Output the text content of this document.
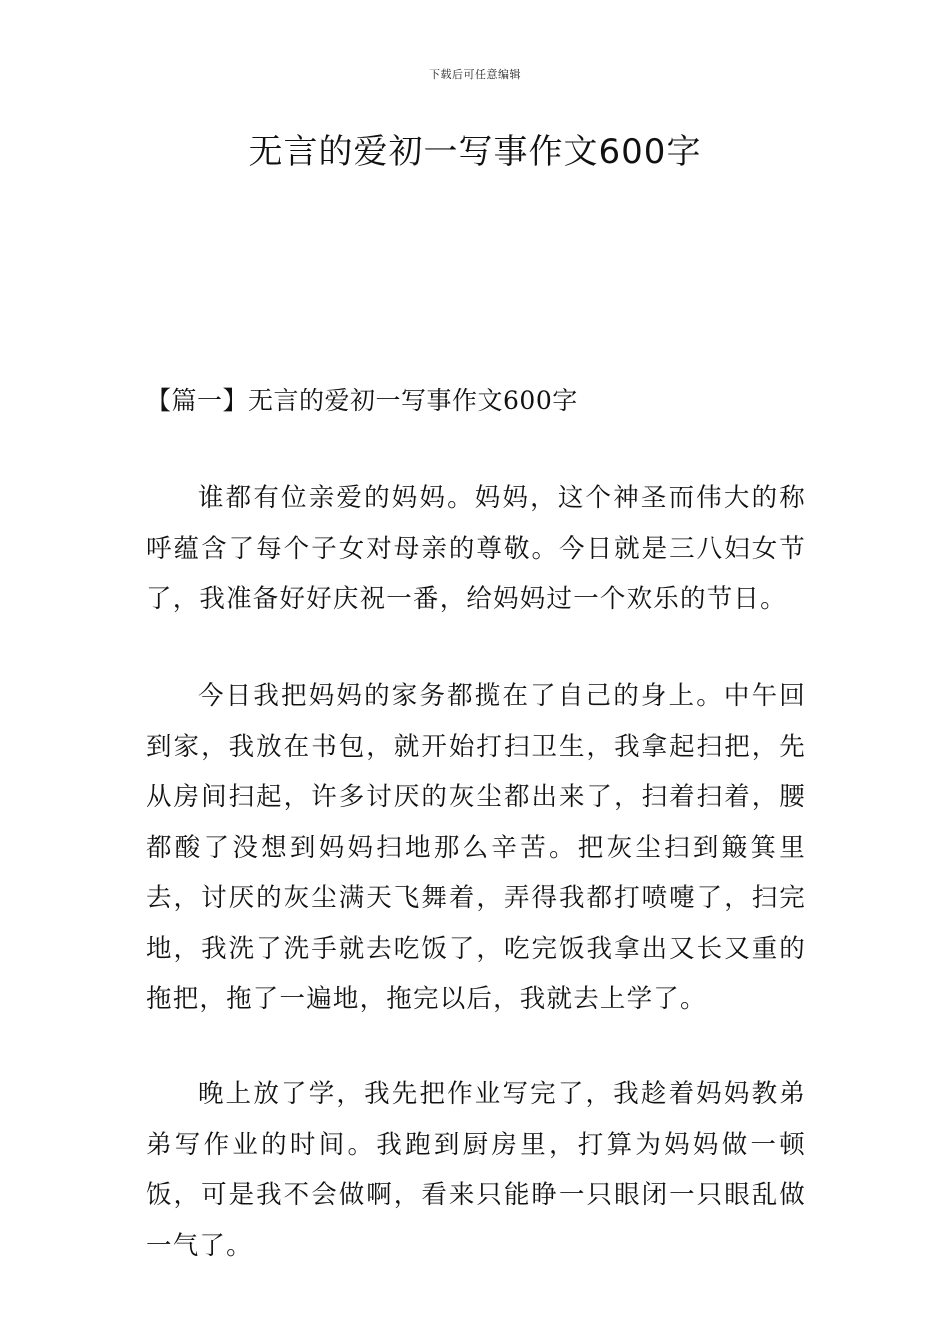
下载后可任意编辑
无言的爱初一写事作文600字
【篇一】无言的爱初一写事作文600字

谁都有位亲爱的妈妈。妈妈，这个神圣而伟大的称呼蕴含了每个子女对母亲的尊敬。今日就是三八妇女节了，我准备好好庆祝一番，给妈妈过一个欢乐的节日。

今日我把妈妈的家务都揽在了自己的身上。中午回到家，我放在书包，就开始打扫卫生，我拿起扫把，先从房间扫起，许多讨厌的灰尘都出来了，扫着扫着，腰都酸了没想到妈妈扫地那么辛苦。把灰尘扫到簸箕里去，讨厌的灰尘满天飞舞着，弄得我都打喷嚏了，扫完地，我洗了洗手就去吃饭了，吃完饭我拿出又长又重的拖把，拖了一遍地，拖完以后，我就去上学了。

晚上放了学，我先把作业写完了，我趁着妈妈教弟弟写作业的时间。我跑到厨房里，打算为妈妈做一顿饭，可是我不会做啊，看来只能睁一只眼闭一只眼乱做一气了。
